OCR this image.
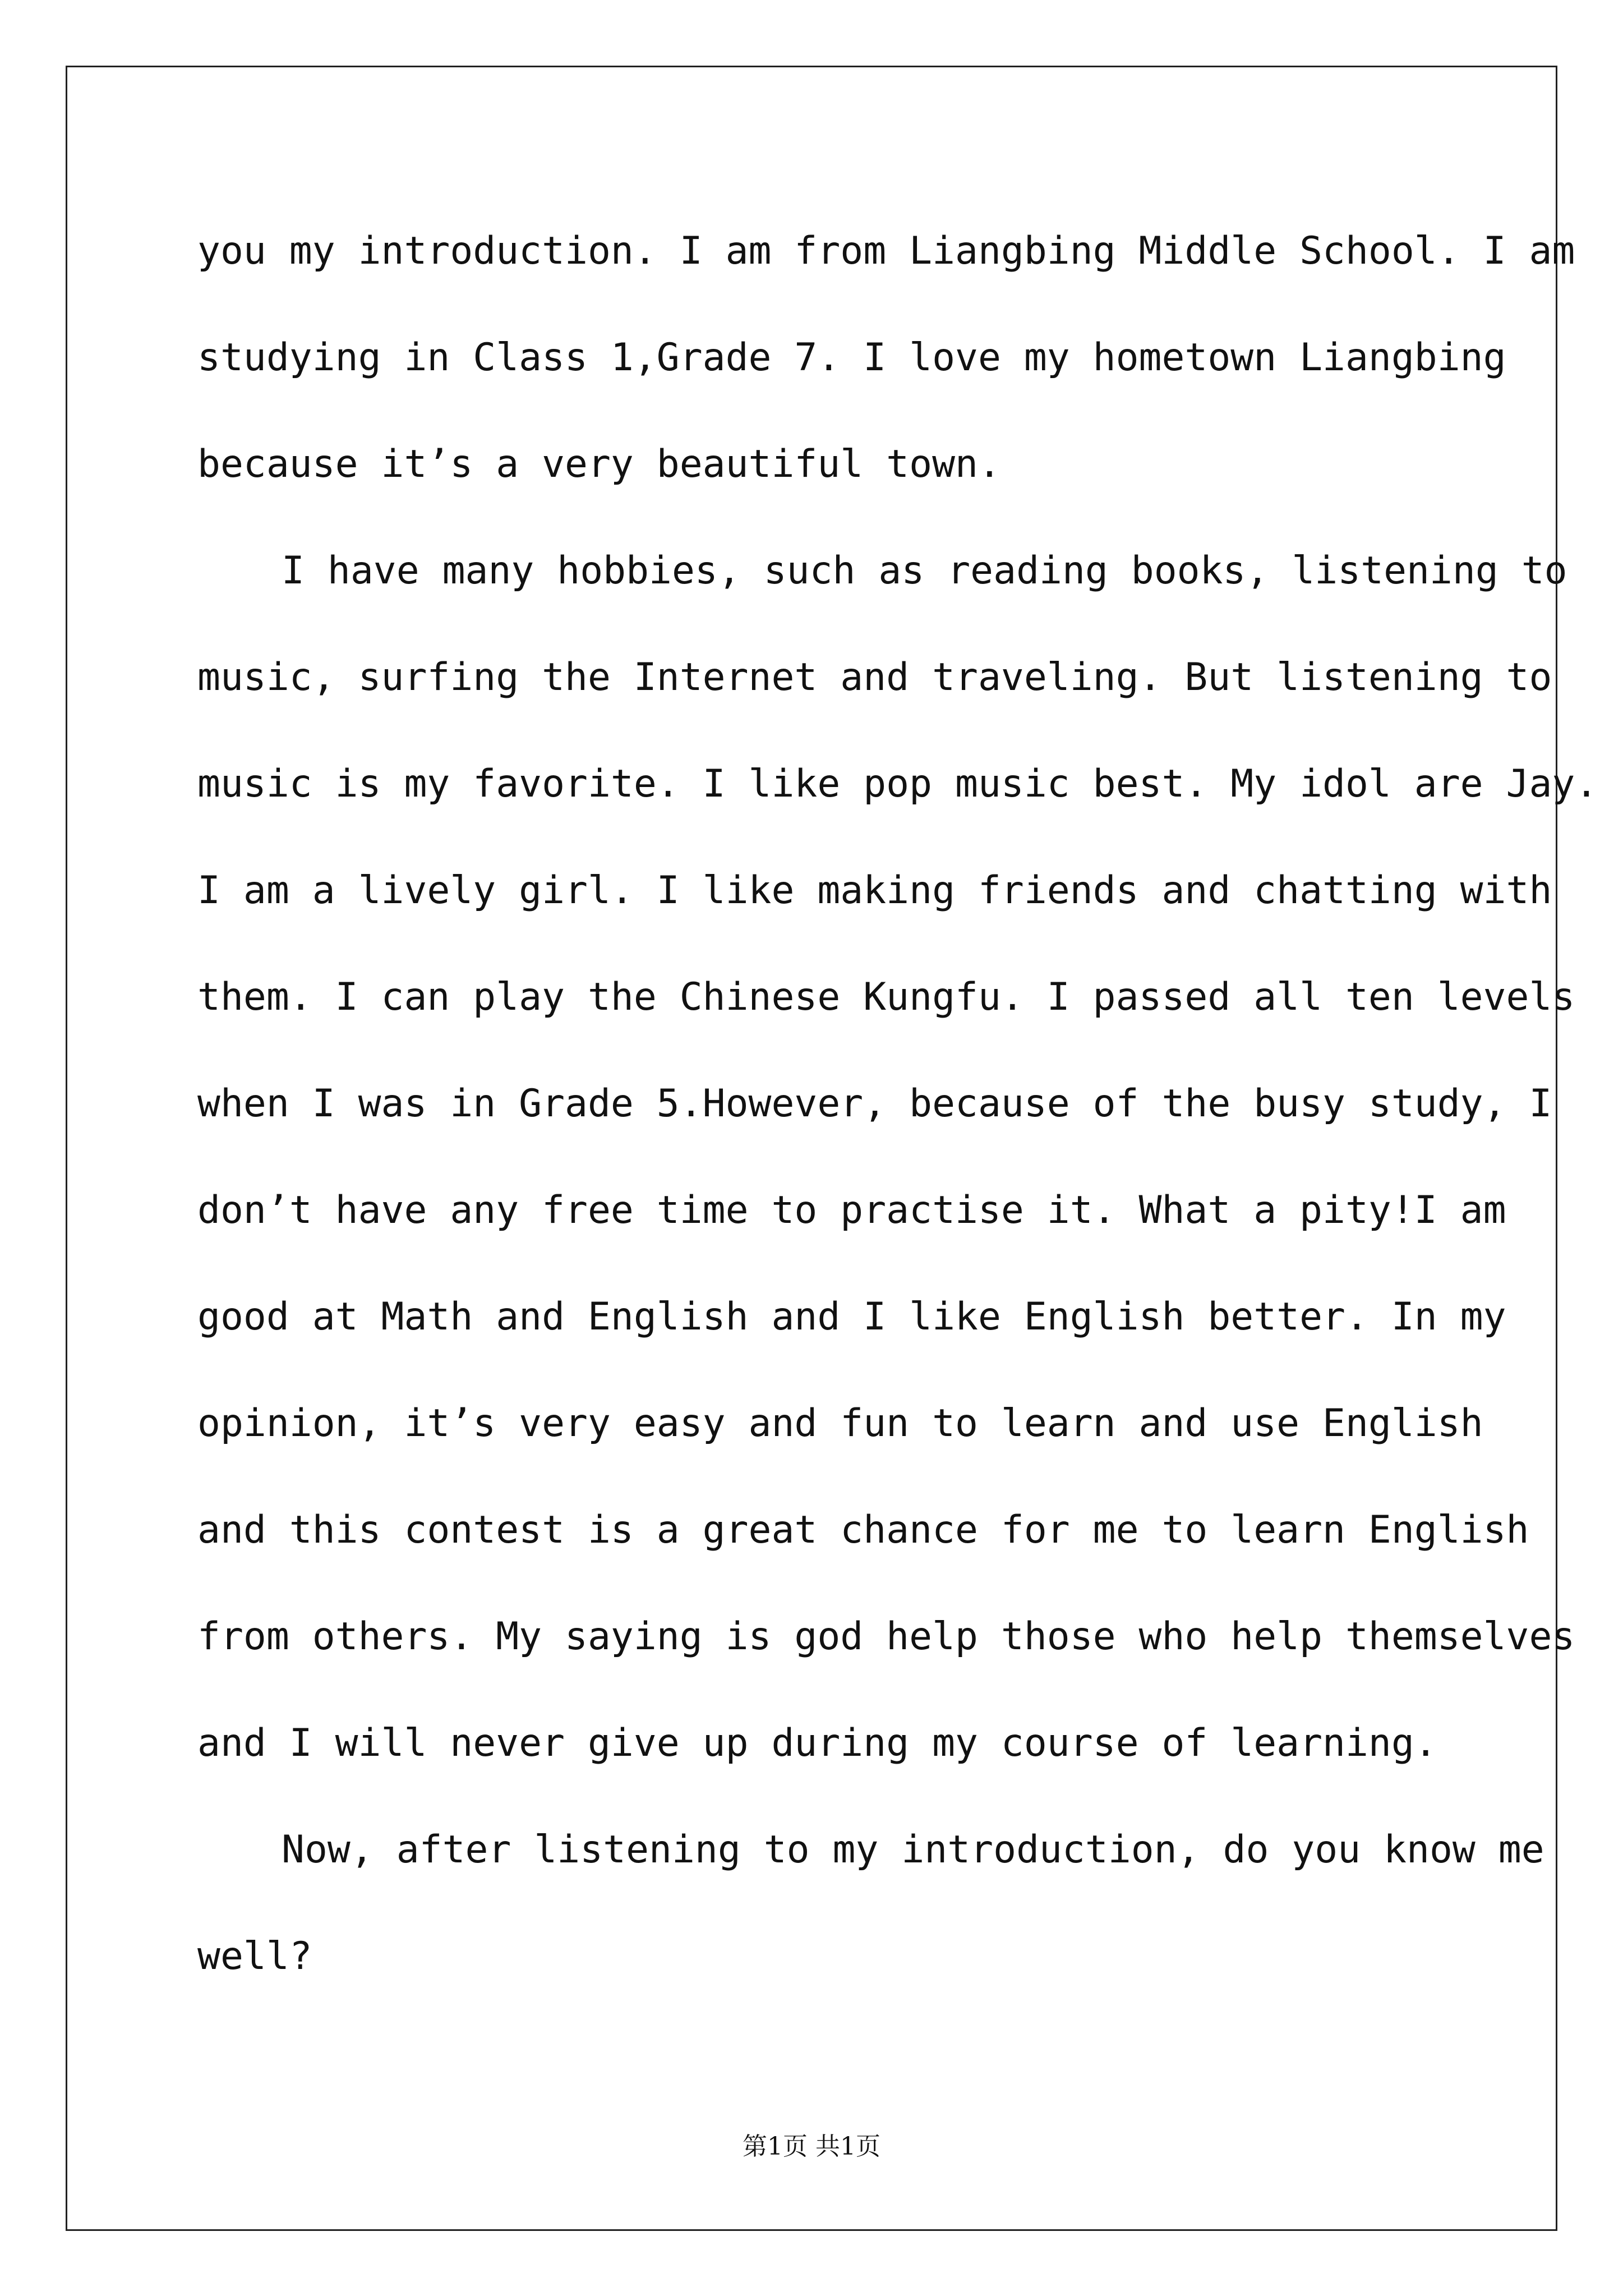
you my introduction. I am from Liangbing Middle School. I am
studying in Class 1,Grade 7. I love my hometown Liangbing
because it’s a very beautiful town.
I have many hobbies, such as reading books, listening to
music, surfing the Internet and traveling. But listening to
music is my favorite. I like pop music best. My idol are Jay.
I am a lively girl. I like making friends and chatting with
them. I can play the Chinese Kungfu. I passed all ten levels
when I was in Grade 5.However, because of the busy study, I
don’t have any free time to practise it. What a pity!I am
good at Math and English and I like English better. In my
opinion, it’s very easy and fun to learn and use English
and this contest is a great chance for me to learn English
from others. My saying is god help those who help themselves
and I will never give up during my course of learning.
Now, after listening to my introduction, do you know me
well?
第1页 共1页
